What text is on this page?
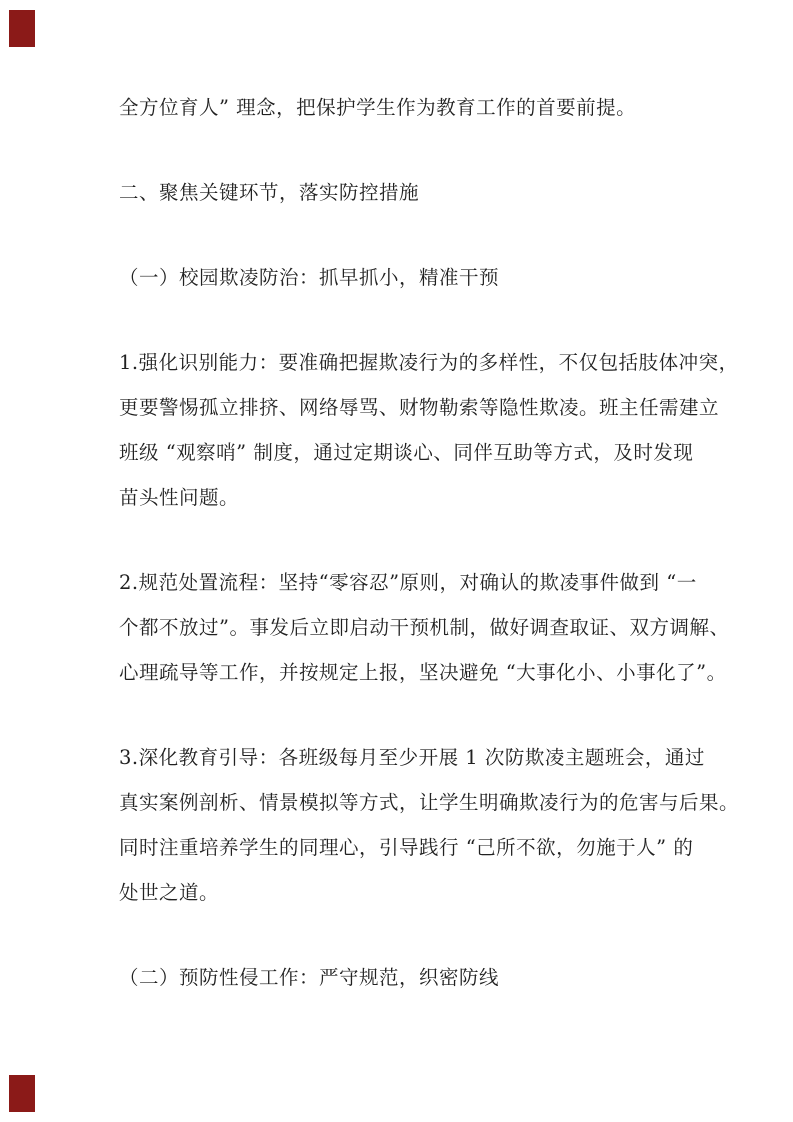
全方位育人” 理念，把保护学生作为教育工作的首要前提。
二、聚焦关键环节，落实防控措施
（一）校园欺凌防治：抓早抓小，精准干预
1.强化识别能力：要准确把握欺凌行为的多样性，不仅包括肢体冲突，
更要警惕孤立排挤、网络辱骂、财物勒索等隐性欺凌。班主任需建立
班级 “观察哨” 制度，通过定期谈心、同伴互助等方式，及时发现
苗头性问题。
2.规范处置流程：坚持“零容忍”原则，对确认的欺凌事件做到 “一
个都不放过”。事发后立即启动干预机制，做好调查取证、双方调解、
心理疏导等工作，并按规定上报，坚决避免 “大事化小、小事化了”。
3.深化教育引导：各班级每月至少开展 1 次防欺凌主题班会，通过
真实案例剖析、情景模拟等方式，让学生明确欺凌行为的危害与后果。
同时注重培养学生的同理心，引导践行 “己所不欲，勿施于人” 的
处世之道。
（二）预防性侵工作：严守规范，织密防线
